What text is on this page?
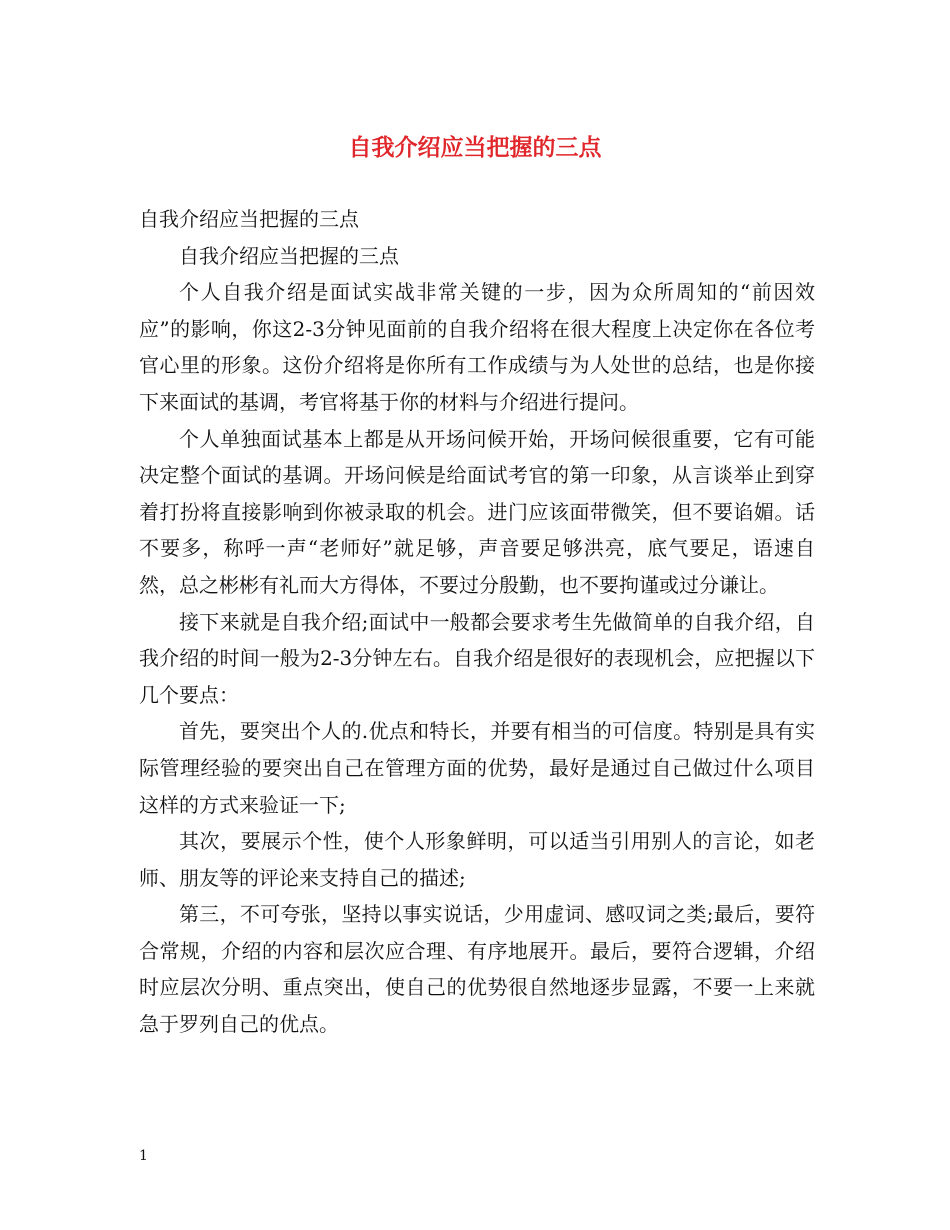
自我介绍应当把握的三点

自我介绍应当把握的三点

自我介绍应当把握的三点

个人自我介绍是面试实战非常关键的一步，因为众所周知的“前因效应”的影响，你这2-3分钟见面前的自我介绍将在很大程度上决定你在各位考官心里的形象。这份介绍将是你所有工作成绩与为人处世的总结，也是你接下来面试的基调，考官将基于你的材料与介绍进行提问。

个人单独面试基本上都是从开场问候开始，开场问候很重要，它有可能决定整个面试的基调。开场问候是给面试考官的第一印象，从言谈举止到穿着打扮将直接影响到你被录取的机会。进门应该面带微笑，但不要谄媚。话不要多，称呼一声“老师好”就足够，声音要足够洪亮，底气要足，语速自然，总之彬彬有礼而大方得体，不要过分殷勤，也不要拘谨或过分谦让。

接下来就是自我介绍;面试中一般都会要求考生先做简单的自我介绍，自我介绍的时间一般为2-3分钟左右。自我介绍是很好的表现机会，应把握以下几个要点：

首先，要突出个人的.优点和特长，并要有相当的可信度。特别是具有实际管理经验的要突出自己在管理方面的优势，最好是通过自己做过什么项目这样的方式来验证一下;

其次，要展示个性，使个人形象鲜明，可以适当引用别人的言论，如老师、朋友等的评论来支持自己的描述;

第三，不可夸张，坚持以事实说话，少用虚词、感叹词之类;最后，要符合常规，介绍的内容和层次应合理、有序地展开。最后，要符合逻辑，介绍时应层次分明、重点突出，使自己的优势很自然地逐步显露，不要一上来就急于罗列自己的优点。

1
